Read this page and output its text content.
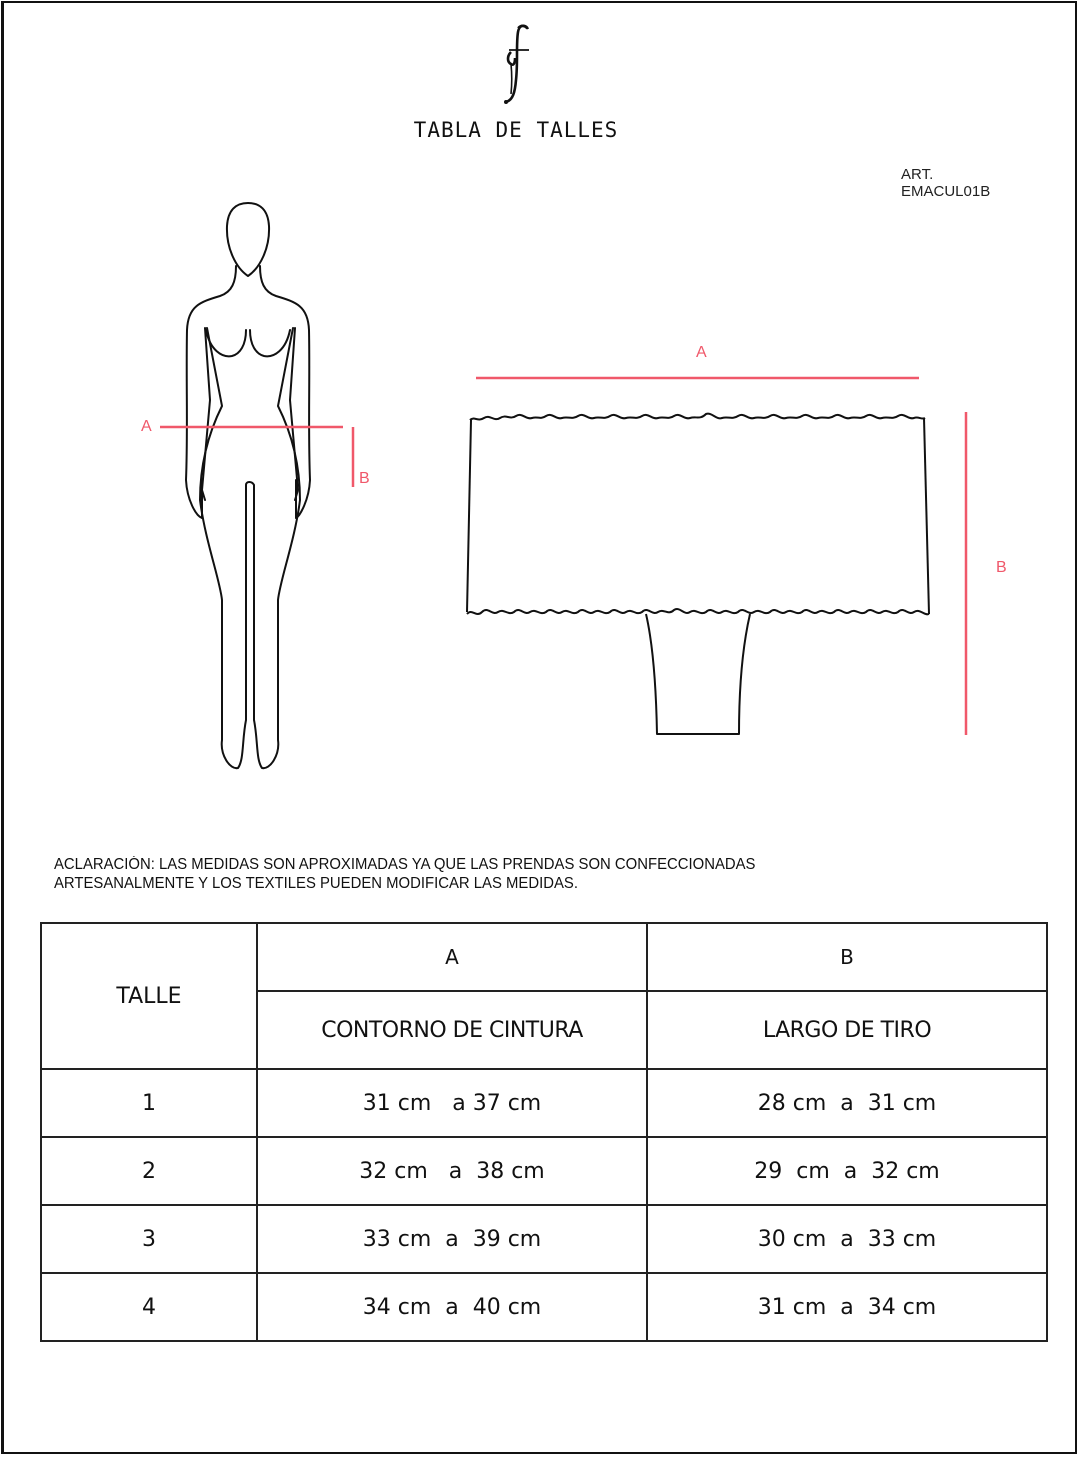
TABLA DE TALLES
ART.
EMACUL01B
A
B
A
B
ACLARACIÓN: LAS MEDIDAS SON APROXIMADAS YA QUE LAS PRENDAS SON CONFECCIONADAS
ARTESANALMENTE Y LOS TEXTILES PUEDEN MODIFICAR LAS MEDIDAS.
TALLE	A	B
	CONTORNO DE CINTURA	LARGO DE TIRO
1	31 cm   a 37 cm	28 cm  a  31 cm
2	32 cm   a  38 cm	29  cm  a  32 cm
3	33 cm  a  39 cm	30 cm  a  33 cm
4	34 cm  a  40 cm	31 cm  a  34 cm
